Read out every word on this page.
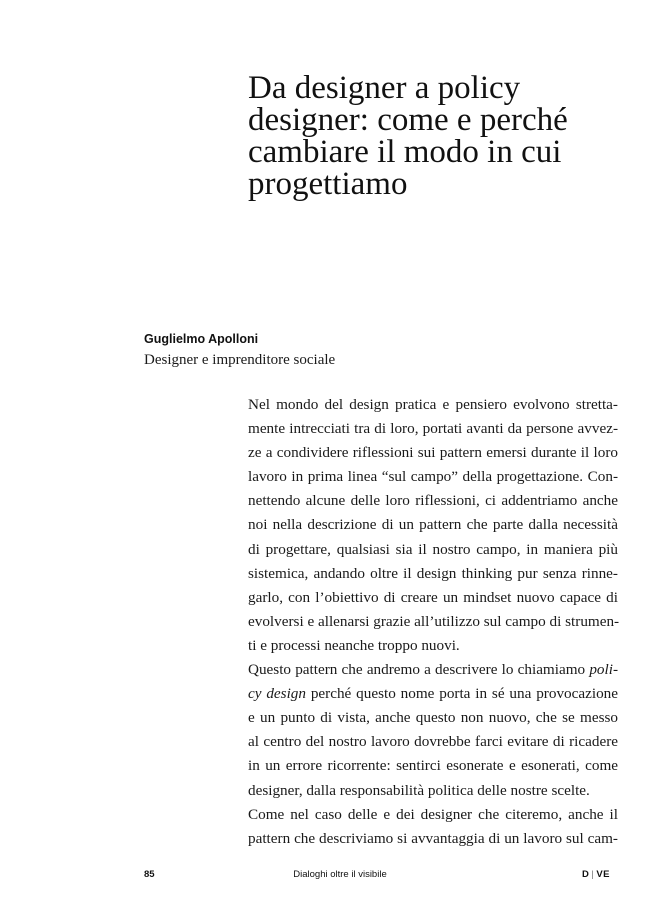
Da designer a policy
designer: come e perché
cambiare il modo in cui
progettiamo
Guglielmo Apolloni
Designer e imprenditore sociale
Nel mondo del design pratica e pensiero evolvono stretta-
mente intrecciati tra di loro, portati avanti da persone avvez-
ze a condividere riflessioni sui pattern emersi durante il loro
lavoro in prima linea “sul campo” della progettazione. Con-
nettendo alcune delle loro riflessioni, ci addentriamo anche
noi nella descrizione di un pattern che parte dalla necessità
di progettare, qualsiasi sia il nostro campo, in maniera più
sistemica, andando oltre il design thinking pur senza rinne-
garlo, con l’obiettivo di creare un mindset nuovo capace di
evolversi e allenarsi grazie all’utilizzo sul campo di strumen-
ti e processi neanche troppo nuovi.
Questo pattern che andremo a descrivere lo chiamiamo poli-
cy design perché questo nome porta in sé una provocazione
e un punto di vista, anche questo non nuovo, che se messo
al centro del nostro lavoro dovrebbe farci evitare di ricadere
in un errore ricorrente: sentirci esonerate e esonerati, come
designer, dalla responsabilità politica delle nostre scelte.
Come nel caso delle e dei designer che citeremo, anche il
pattern che descriviamo si avvantaggia di un lavoro sul cam-
85	Dialoghi oltre il visibile	D | VE
